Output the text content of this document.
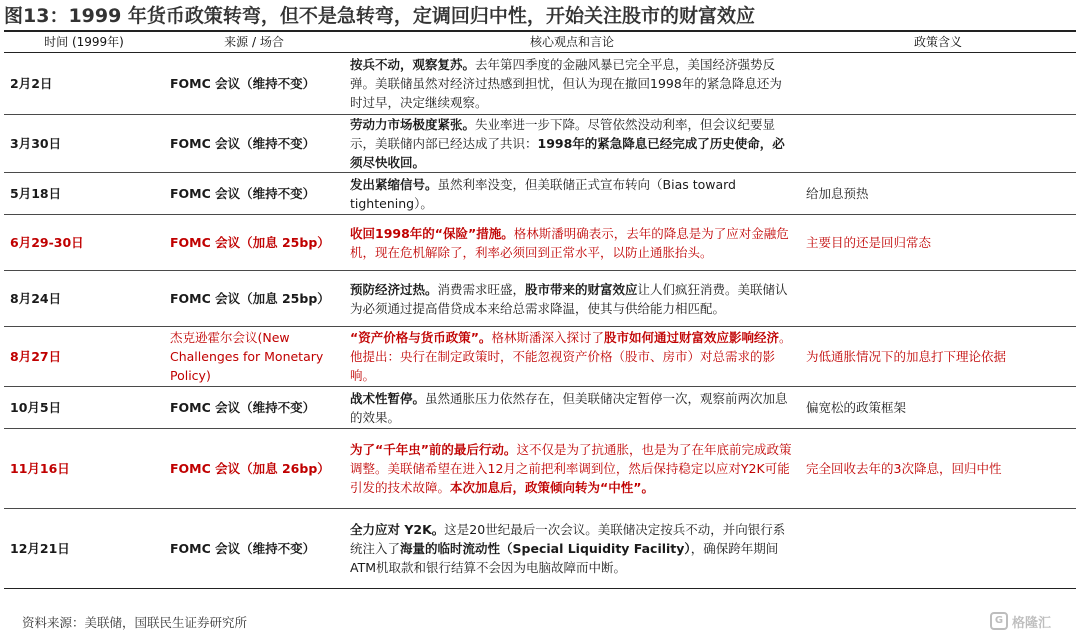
图13：1999 年货币政策转弯，但不是急转弯，定调回归中性，开始关注股市的财富效应
时间 (1999年)	来源 / 场合	核心观点和言论	政策含义
2月2日	FOMC 会议（维持不变）	按兵不动，观察复苏。去年第四季度的金融风暴已完全平息，美国经济强势反弹。美联储虽然对经济过热感到担忧，但认为现在撤回1998年的紧急降息还为时过早，决定继续观察。	
3月30日	FOMC 会议（维持不变）	劳动力市场极度紧张。失业率进一步下降。尽管依然没动利率，但会议纪要显示，美联储内部已经达成了共识：1998年的紧急降息已经完成了历史使命，必须尽快收回。	
5月18日	FOMC 会议（维持不变）	发出紧缩信号。虽然利率没变，但美联储正式宣布转向（Bias toward tightening）。	给加息预热
6月29-30日	FOMC 会议（加息 25bp）	收回1998年的“保险”措施。格林斯潘明确表示，去年的降息是为了应对金融危机，现在危机解除了，利率必须回到正常水平，以防止通胀抬头。	主要目的还是回归常态
8月24日	FOMC 会议（加息 25bp）	预防经济过热。消费需求旺盛，股市带来的财富效应让人们疯狂消费。美联储认为必须通过提高借贷成本来给总需求降温，使其与供给能力相匹配。	
8月27日	杰克逊霍尔会议(New Challenges for Monetary Policy)	“资产价格与货币政策”。格林斯潘深入探讨了股市如何通过财富效应影响经济。他提出：央行在制定政策时，不能忽视资产价格（股市、房市）对总需求的影响。	为低通胀情况下的加息打下理论依据
10月5日	FOMC 会议（维持不变）	战术性暂停。虽然通胀压力依然存在，但美联储决定暂停一次，观察前两次加息的效果。	偏宽松的政策框架
11月16日	FOMC 会议（加息 26bp）	为了“千年虫”前的最后行动。这不仅是为了抗通胀，也是为了在年底前完成政策调整。美联储希望在进入12月之前把利率调到位，然后保持稳定以应对Y2K可能引发的技术故障。本次加息后，政策倾向转为“中性”。	完全回收去年的3次降息，回归中性
12月21日	FOMC 会议（维持不变）	全力应对 Y2K。这是20世纪最后一次会议。美联储决定按兵不动，并向银行系统注入了海量的临时流动性（Special Liquidity Facility），确保跨年期间ATM机取款和银行结算不会因为电脑故障而中断。	
资料来源：美联储，国联民生证券研究所	G 格隆汇
